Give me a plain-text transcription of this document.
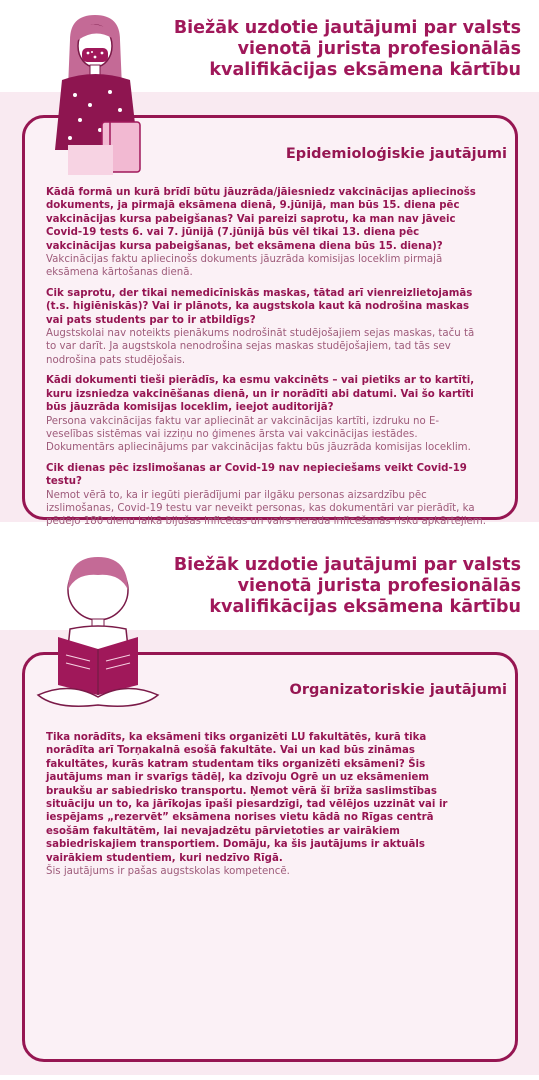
Biežāk uzdotie jautājumi par valsts
vienotā jurista profesionālās
kvalifikācijas eksāmena kārtību
Epidemioloģiskie jautājumi

Kādā formā un kurā brīdī būtu jāuzrāda/jāiesniedz vakcinācijas apliecinošs dokuments, ja pirmajā eksāmena dienā, 9.jūnijā, man būs 15. diena pēc vakcinācijas kursa pabeigšanas? Vai pareizi saprotu, ka man nav jāveic Covid-19 tests 6. vai 7. jūnijā (7.jūnijā būs vēl tikai 13. diena pēc vakcinācijas kursa pabeigšanas, bet eksāmena diena būs 15. diena)?

Vakcinācijas faktu apliecinošs dokuments jāuzrāda komisijas loceklim pirmajā eksāmena kārtošanas dienā.

Cik saprotu, der tikai nemedicīniskās maskas, tātad arī vienreizlietojamās (t.s. higiēniskās)? Vai ir plānots, ka augstskola kaut kā nodrošina maskas vai pats students par to ir atbildīgs?

Augstskolai nav noteikts pienākums nodrošināt studējošajiem sejas maskas, taču tā to var darīt. Ja augstskola nenodrošina sejas maskas studējošajiem, tad tās sev nodrošina pats studējošais.

Kādi dokumenti tieši pierādīs, ka esmu vakcinēts – vai pietiks ar to kartīti, kuru izsniedza vakcinēšanas dienā, un ir norādīti abi datumi. Vai šo kartīti būs jāuzrāda komisijas loceklim, ieejot auditorijā?

Persona vakcinācijas faktu var apliecināt ar vakcinācijas kartīti, izdruku no E-veselības sistēmas vai izziņu no ģimenes ārsta vai vakcinācijas iestādes. Dokumentārs apliecinājums par vakcinācijas faktu būs jāuzrāda komisijas loceklim.

Cik dienas pēc izslimošanas ar Covid-19 nav nepieciešams veikt Covid-19 testu?

Nemot vērā to, ka ir iegūti pierādījumi par ilgāku personas aizsardzību pēc izslimošanas, Covid-19 testu var neveikt personas, kas dokumentāri var pierādīt, ka pēdējo 180 dienu laikā bijušas inficētas un vairs nerada inficēšanās risku apkārtējiem.

Biežāk uzdotie jautājumi par valsts
vienotā jurista profesionālās
kvalifikācijas eksāmena kārtību
Organizatoriskie jautājumi

Tika norādīts, ka eksāmeni tiks organizēti LU fakultātēs, kurā tika norādīta arī Torņakalnā esošā fakultāte. Vai un kad būs zināmas fakultātes, kurās katram studentam tiks organizēti eksāmeni? Šis jautājums man ir svarīgs tādēļ, ka dzīvoju Ogrē un uz eksāmeniem braukšu ar sabiedrisko transportu. Ņemot vērā šī brīža saslimstības situāciju un to, ka jārīkojas īpaši piesardzīgi, tad vēlējos uzzināt vai ir iespējams „rezervēt” eksāmena norises vietu kādā no Rīgas centrā esošām fakultātēm, lai nevajadzētu pārvietoties ar vairākiem sabiedriskajiem transportiem. Domāju, ka šis jautājums ir aktuāls vairākiem studentiem, kuri nedzīvo Rīgā.

Šis jautājums ir pašas augstskolas kompetencē.
